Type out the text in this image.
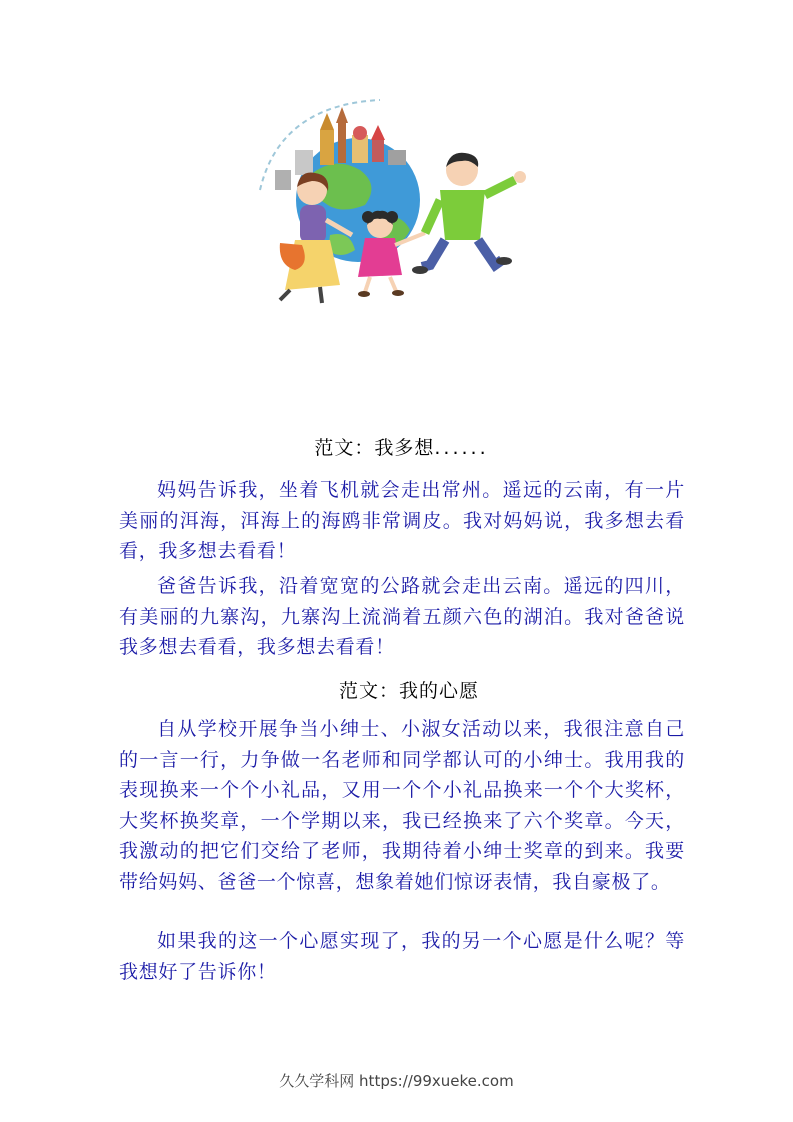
范文：我多想......

妈妈告诉我，坐着飞机就会走出常州。遥远的云南，有一片美丽的洱海，洱海上的海鸥非常调皮。我对妈妈说，我多想去看看，我多想去看看！

爸爸告诉我，沿着宽宽的公路就会走出云南。遥远的四川，有美丽的九寨沟，九寨沟上流淌着五颜六色的湖泊。我对爸爸说我多想去看看，我多想去看看！

范文：我的心愿

自从学校开展争当小绅士、小淑女活动以来，我很注意自己的一言一行，力争做一名老师和同学都认可的小绅士。我用我的表现换来一个个小礼品，又用一个个小礼品换来一个个大奖杯，大奖杯换奖章，一个学期以来，我已经换来了六个奖章。今天，我激动的把它们交给了老师，我期待着小绅士奖章的到来。我要带给妈妈、爸爸一个惊喜，想象着她们惊讶表情，我自豪极了。

如果我的这一个心愿实现了，我的另一个心愿是什么呢？等我想好了告诉你！

久久学科网 https://99xueke.com
